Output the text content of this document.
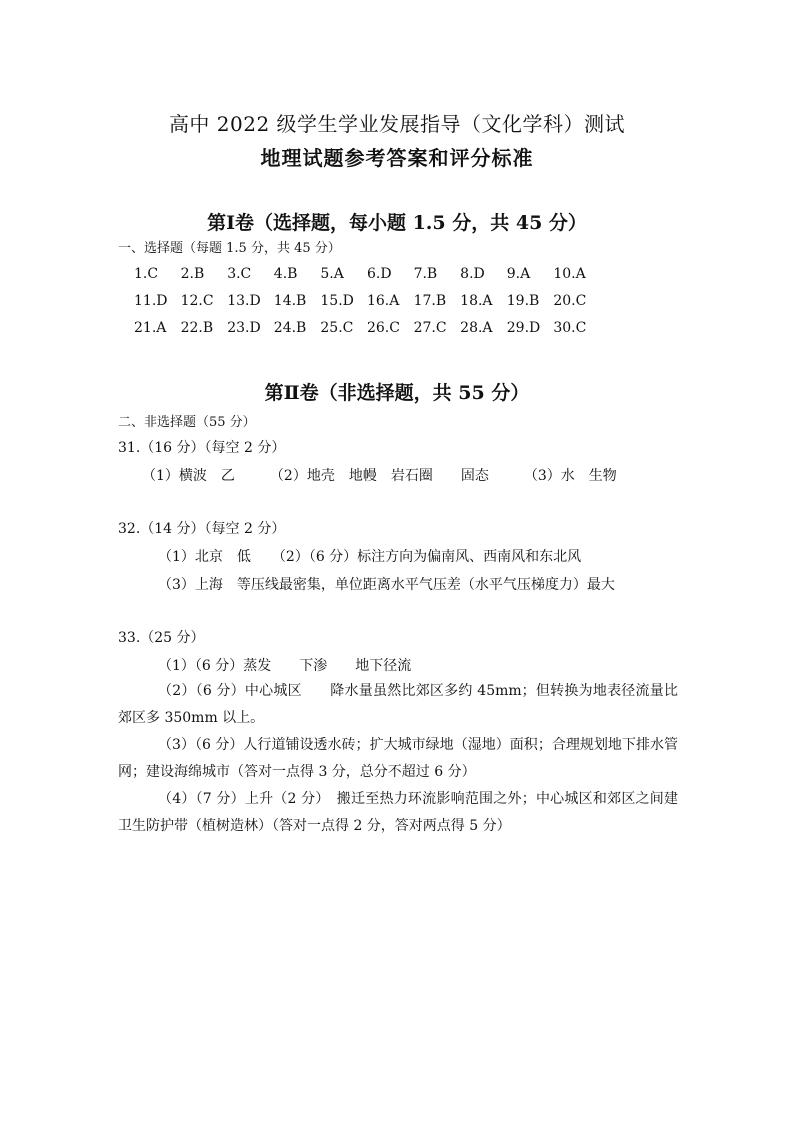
高中 2022 级学生学业发展指导（文化学科）测试
地理试题参考答案和评分标准
第Ⅰ卷（选择题，每小题 1.5 分，共 45 分）
一、选择题（每题 1.5 分，共 45 分）
1.C 2.B 3.C 4.B 5.A 6.D 7.B 8.D 9.A 10.A
11.D 12.C 13.D 14.B 15.D 16.A 17.B 18.A 19.B 20.C
21.A 22.B 23.D 24.B 25.C 26.C 27.C 28.A 29.D 30.C
第Ⅱ卷（非选择题，共 55 分）
二、非选择题（55 分）
31.（16 分）（每空 2 分）
（1）横波　乙　　　（2）地壳　地幔　岩石圈　　固态　　　（3）水　生物
32.（14 分）（每空 2 分）
（1）北京　低　　（2）（6 分）标注方向为偏南风、西南风和东北风
（3）上海　等压线最密集，单位距离水平气压差（水平气压梯度力）最大
33.（25 分）
（1）（6 分）蒸发　　下渗　　地下径流
（2）（6 分）中心城区　　降水量虽然比郊区多约 45mm；但转换为地表径流量比郊区多 350mm 以上。
（3）（6 分）人行道铺设透水砖；扩大城市绿地（湿地）面积；合理规划地下排水管网；建设海绵城市（答对一点得 3 分，总分不超过 6 分）
（4）（7 分）上升（2 分）　搬迁至热力环流影响范围之外；中心城区和郊区之间建卫生防护带（植树造林）（答对一点得 2 分，答对两点得 5 分）
